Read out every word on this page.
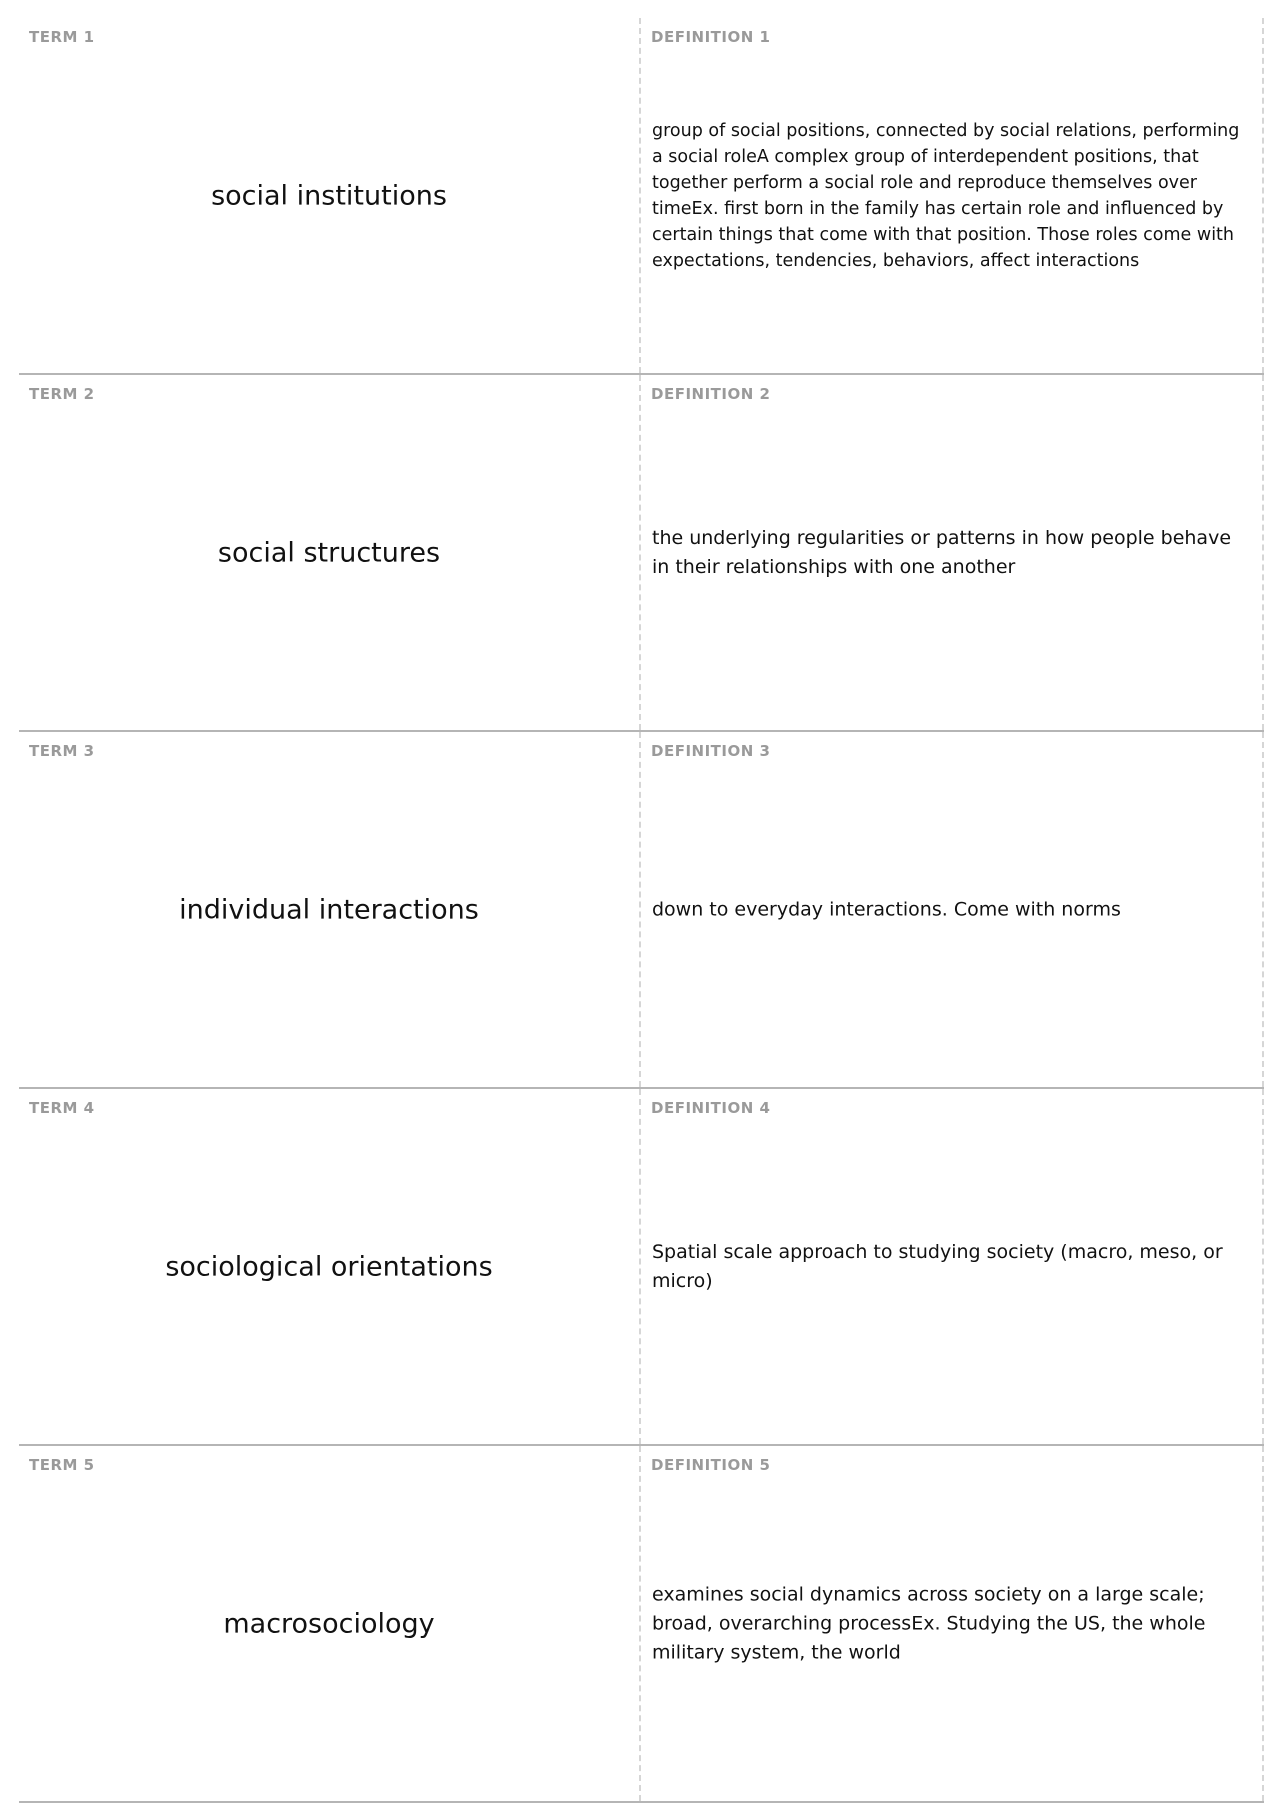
TERM 1
social institutions
DEFINITION 1
group of social positions, connected by social relations, performing a social roleA complex group of interdependent positions, that together perform a social role and reproduce themselves over timeEx. first born in the family has certain role and influenced by certain things that come with that position. Those roles come with expectations, tendencies, behaviors, affect interactions
TERM 2
social structures
DEFINITION 2
the underlying regularities or patterns in how people behave in their relationships with one another
TERM 3
individual interactions
DEFINITION 3
down to everyday interactions. Come with norms
TERM 4
sociological orientations
DEFINITION 4
Spatial scale approach to studying society (macro, meso, or micro)
TERM 5
macrosociology
DEFINITION 5
examines social dynamics across society on a large scale; broad, overarching processEx. Studying the US, the whole military system, the world
